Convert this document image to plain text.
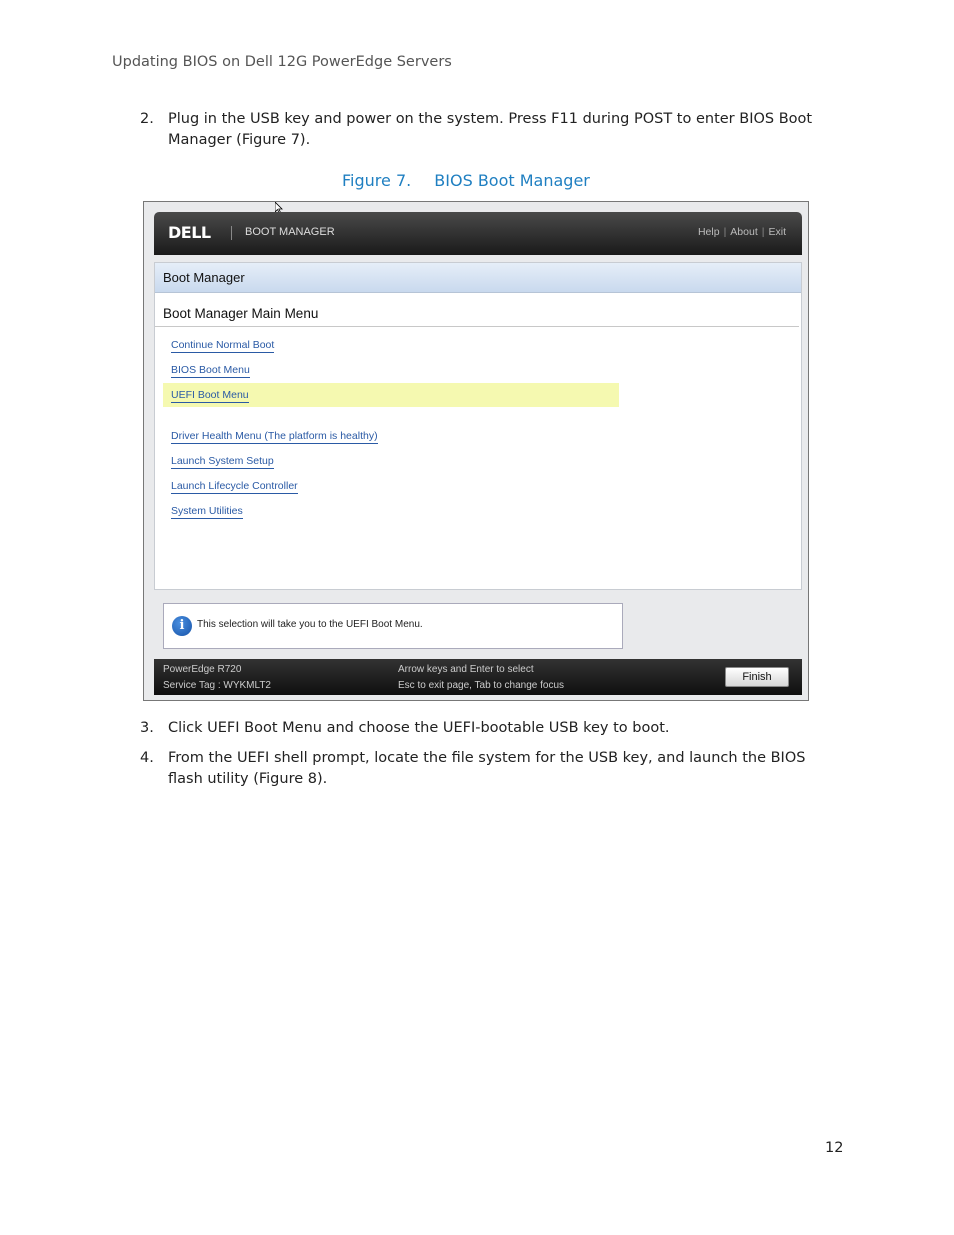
Updating BIOS on Dell 12G PowerEdge Servers
2. Plug in the USB key and power on the system. Press F11 during POST to enter BIOS Boot Manager (Figure 7).
Figure 7. BIOS Boot Manager
DELL	BOOT MANAGER	Help | About | Exit
Boot Manager
Boot Manager Main Menu
Continue Normal Boot
BIOS Boot Menu
UEFI Boot Menu
Driver Health Menu (The platform is healthy)
Launch System Setup
Launch Lifecycle Controller
System Utilities
i	This selection will take you to the UEFI Boot Menu.
PowerEdge R720
Service Tag : WYKMLT2
Arrow keys and Enter to select
Esc to exit page, Tab to change focus
Finish
3. Click UEFI Boot Menu and choose the UEFI-bootable USB key to boot.
4. From the UEFI shell prompt, locate the file system for the USB key, and launch the BIOS flash utility (Figure 8).
12
